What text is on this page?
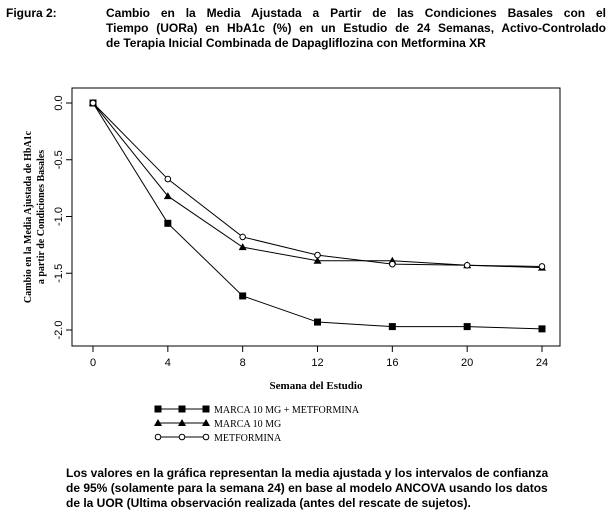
Figura 2:	Cambio en la Media Ajustada a Partir de las Condiciones Basales con el
Tiempo (UORa) en HbA1c (%) en un Estudio de 24 Semanas, Activo-Controlado
de Terapia Inicial Combinada de Dapagliflozina con Metformina XR
0.0
-0.5
-1.0
-1.5
-2.0
0	4	8	12	16	20	24
Cambio en la Media Ajustada de HbA1c a partir de Condiciones Basales
Semana del Estudio
MARCA 10 MG + METFORMINA
MARCA 10 MG
METFORMINA
Los valores en la gráfica representan la media ajustada y los intervalos de confianza
de 95% (solamente para la semana 24) en base al modelo ANCOVA usando los datos
de la UOR (Ultima observación realizada (antes del rescate de sujetos).
